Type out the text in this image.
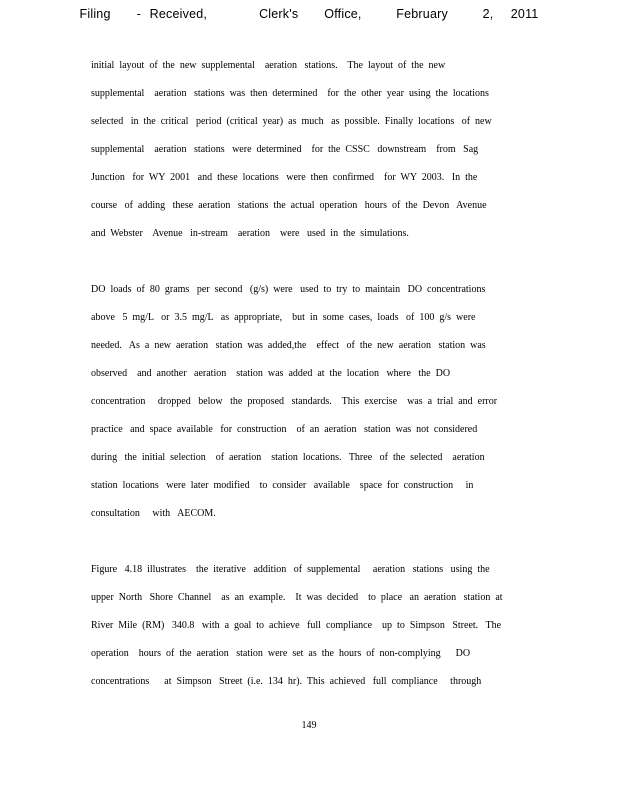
Filing   - Received,      Clerk's   Office,    February    2,  2011
initial  layout  of  the  new  supplemental    aeration   stations.    The  layout  of  the  new
supplemental    aeration   stations  was  then  determined    for  the  other  year  using  the  locations
selected   in  the  critical   period  (critical  year)  as  much   as  possible.  Finally  locations   of  new
supplemental    aeration   stations   were  determined    for  the  CSSC   downstream    from   Sag
Junction   for  WY  2001   and  these  locations   were  then  confirmed    for  WY  2003.   In  the
course   of  adding   these  aeration   stations  the  actual  operation   hours  of  the  Devon   Avenue
and  Webster    Avenue   in-stream    aeration    were   used  in  the  simulations.
DO  loads  of  80  grams   per  second   (g/s)  were   used  to  try  to  maintain   DO  concentrations
above   5  mg/L   or  3.5  mg/L   as  appropriate,    but  in  some  cases,  loads   of  100  g/s  were
needed.   As  a  new  aeration   station  was  added,the    effect   of  the  new  aeration   station  was
observed    and  another   aeration    station  was  added  at  the  location   where   the  DO
concentration     dropped   below   the  proposed   standards.    This  exercise    was  a  trial  and  error
practice   and  space  available   for  construction    of  an  aeration   station  was  not  considered
during   the  initial  selection    of  aeration    station  locations.   Three   of  the  selected    aeration
station  locations   were  later  modified    to  consider   available    space  for  construction     in
consultation     with   AECOM.
Figure   4.18  illustrates    the  iterative   addition   of  supplemental     aeration   stations   using  the
upper  North   Shore  Channel    as  an  example.    It  was  decided    to  place   an  aeration   station  at
River  Mile  (RM)   340.8   with  a  goal  to  achieve   full  compliance    up  to  Simpson   Street.   The
operation    hours  of  the  aeration   station  were  set  as  the  hours  of  non-complying      DO
concentrations      at  Simpson   Street  (i.e.  134  hr).  This  achieved   full  compliance     through
149
